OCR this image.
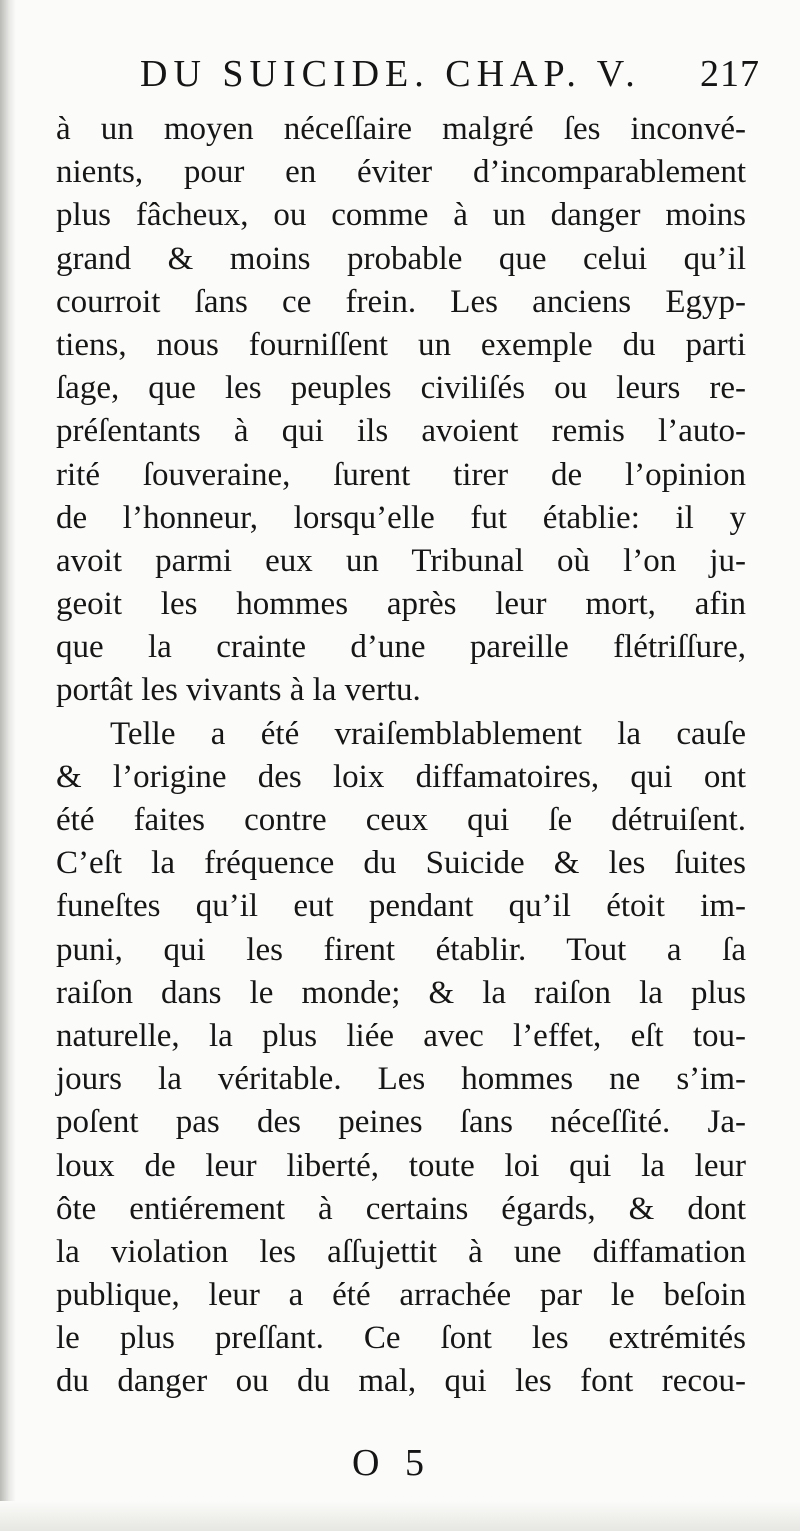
DU SUICIDE. CHAP. V. 217
à un moyen néceſſaire malgré ſes inconvé-
nients, pour en éviter d’incomparablement
plus fâcheux, ou comme à un danger moins
grand & moins probable que celui qu’il
courroit ſans ce frein. Les anciens Egyp-
tiens, nous fourniſſent un exemple du parti
ſage, que les peuples civiliſés ou leurs re-
préſentants à qui ils avoient remis l’auto-
rité ſouveraine, ſurent tirer de l’opinion
de l’honneur, lorsqu’elle fut établie: il y
avoit parmi eux un Tribunal où l’on ju-
geoit les hommes après leur mort, afin
que la crainte d’une pareille flétriſſure,
portât les vivants à la vertu.
Telle a été vraiſemblablement la cauſe
& l’origine des loix diffamatoires, qui ont
été faites contre ceux qui ſe détruiſent.
C’eſt la fréquence du Suicide & les ſuites
funeſtes qu’il eut pendant qu’il étoit im-
puni, qui les firent établir. Tout a ſa
raiſon dans le monde; & la raiſon la plus
naturelle, la plus liée avec l’effet, eſt tou-
jours la véritable. Les hommes ne s’im-
poſent pas des peines ſans néceſſité. Ja-
loux de leur liberté, toute loi qui la leur
ôte entiérement à certains égards, & dont
la violation les aſſujettit à une diffamation
publique, leur a été arrachée par le beſoin
le plus preſſant. Ce ſont les extrémités
du danger ou du mal, qui les font recou-
O 5
